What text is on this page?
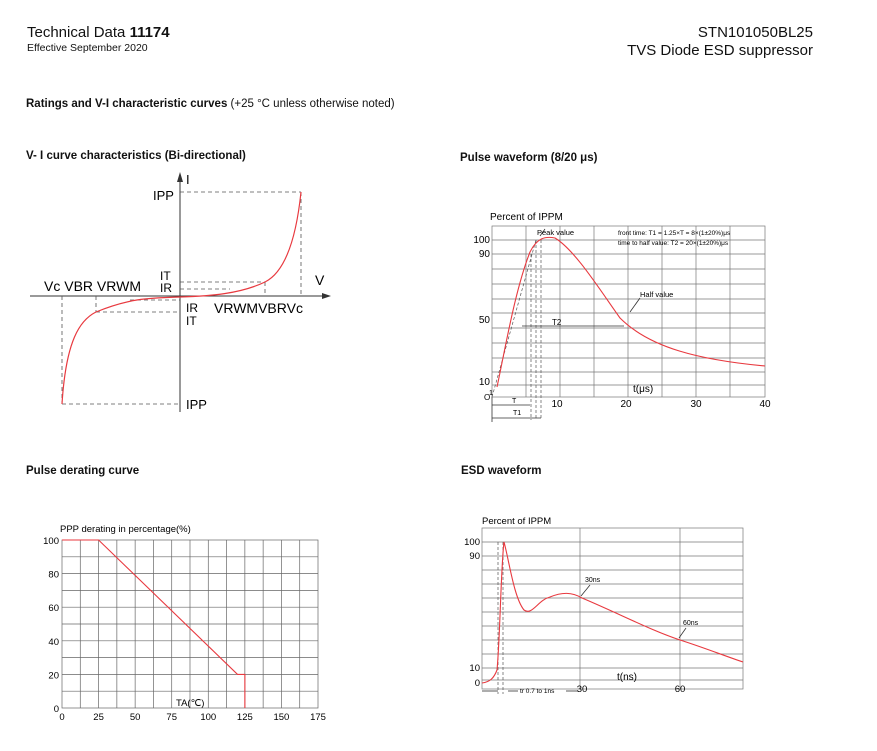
Technical Data 11174
Effective September 2020
STN101050BL25
TVS Diode ESD suppressor
Ratings and V-I characteristic curves (+25 °C unless otherwise noted)
V- I curve characteristics (Bi-directional)	Pulse waveform (8/20 μs)
Pulse derating curve	ESD waveform
I
V
IPP
IPP
IT
IR
IR
IT
Vc VBR VRWM
VRWMVBRVc
Percent of IPPM
Peak value	front time: T1 = 1.25×T = 8×(1±20%)μs
time to half value: T2 = 20×(1±20%)μs
Half value
T2
T
T1
O
1	t(μs)
100
90
50
10
10	20	30	40
0
20
40
60
80
100
0	25	50	75 100 125 150 175
PPP derating in percentage(%)
TA(℃)
Percent of IPPM
100
90
10
0
30	60
t(ns)
tr 0.7 to 1ns
30ns
60ns
